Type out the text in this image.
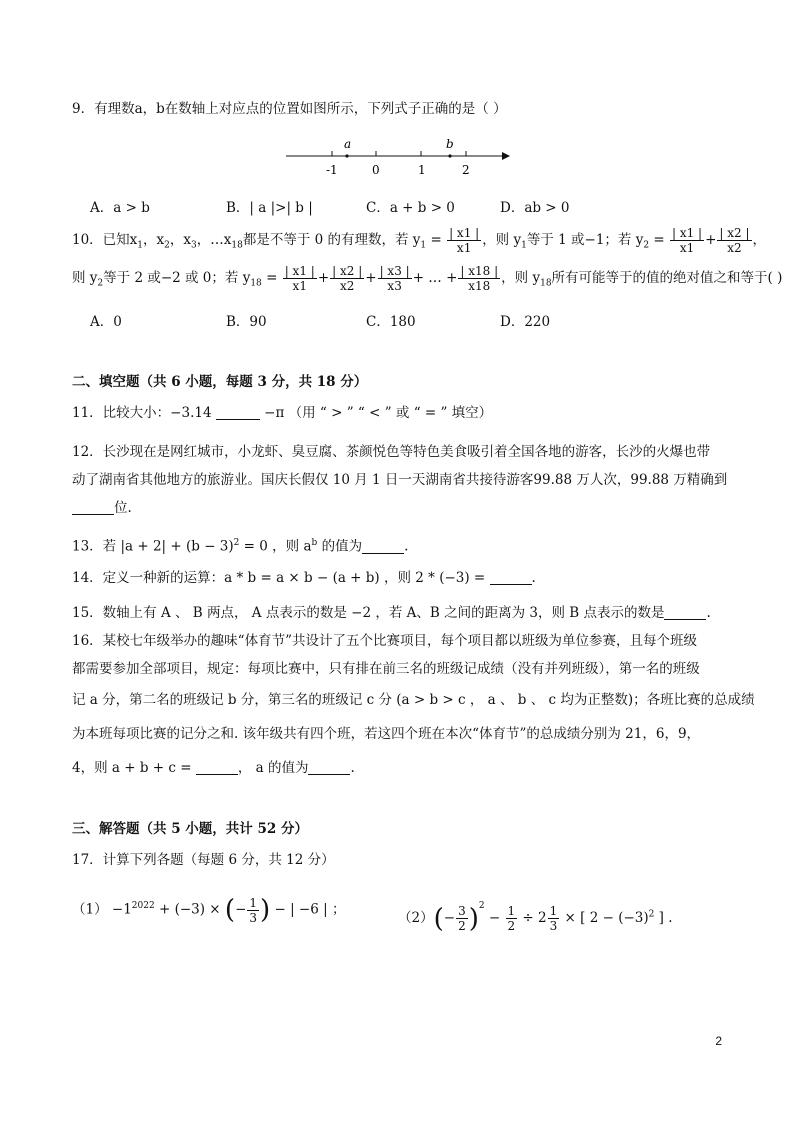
9．有理数a，b在数轴上对应点的位置如图所示，下列式子正确的是（ ）
a	b
-1	0	1	2
A．a > b	B．| a |>| b |	C．a + b > 0	D．ab > 0
10．已知$x_1$，$x_2$，$x_3$，$\dots x_{18}$都是不等于 0 的有理数，若 $y_1 = \frac{| x1 |}{x1}$ ，则 $y_1$等于 1 或−1；若 $y_2 = \frac{| x1 |}{x1} + \frac{| x2 |}{x2}$ ，
则 $y_2$等于 2 或−2 或 0；若 $y_{18} = \frac{| x1 |}{x1} + \frac{| x2 |}{x2} + \frac{| x3 |}{x3}$ + … + $\frac{| x18 |}{x18}$ ，则 $y_{18}$所有可能等于的值的绝对值之和等于( )
A．0	B．90	C．180	D．220
二、填空题（共 6 小题，每题 3 分，共 18 分）
11．比较大小：−3.14	−π （用 “ > ” “ < ” 或 “ = ” 填空）
12．长沙现在是网红城市，小龙虾、臭豆腐、茶颜悦色等特色美食吸引着全国各地的游客，长沙的火爆也带
动了湖南省其他地方的旅游业。国庆长假仅 10 月 1 日一天湖南省共接待游客99.88 万人次，99.88 万精确到
位.
13．若 $|a + 2| + (b - 3)^2 = 0$ ，则 $a^b$ 的值为	.
14．定义一种新的运算：a * b = a × b − (a + b) ，则 2 * (−3) =	.
15．数轴上有 A 、 B 两点， A 点表示的数是 −2 ，若 A、B 之间的距离为 3，则 B 点表示的数是	.
16．某校七年级举办的趣味“体育节”共设计了五个比赛项目，每个项目都以班级为单位参赛，且每个班级
都需要参加全部项目，规定：每项比赛中，只有排在前三名的班级记成绩（没有并列班级），第一名的班级
记 a 分，第二名的班级记 b 分，第三名的班级记 c 分 (a > b > c ， a 、 b 、 c 均为正整数)；各班比赛的总成绩
为本班每项比赛的记分之和. 该年级共有四个班，若这四个班在本次“体育节”的总成绩分别为 21，6，9，
4，则 a + b + c =	， a 的值为	.
三、解答题（共 5 小题，共计 52 分）
17．计算下列各题（每题 6 分，共 12 分）
$(1) -1^{2022} + (-3)$ × (− $\frac{1}{3}$ ) − | −6 | ；
$(2)(- \frac{3}{2} )^2 - \frac{1}{2} \div 2 \frac{1}{3}$ × [ $2 - (-3)^2$ ] .
2
